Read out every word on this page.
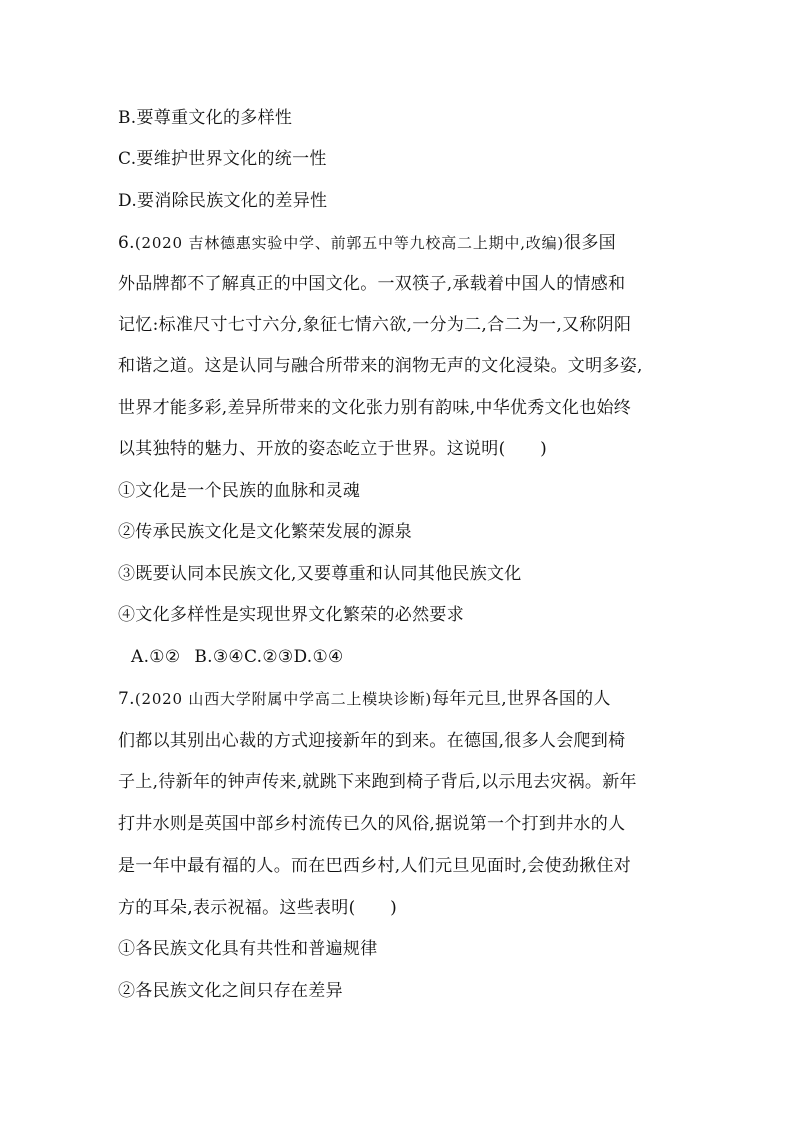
B.要尊重文化的多样性
C.要维护世界文化的统一性
D.要消除民族文化的差异性
6.(2020 吉林德惠实验中学、前郭五中等九校高二上期中,改编)很多国
外品牌都不了解真正的中国文化。一双筷子,承载着中国人的情感和
记忆:标准尺寸七寸六分,象征七情六欲,一分为二,合二为一,又称阴阳
和谐之道。这是认同与融合所带来的润物无声的文化浸染。文明多姿,
世界才能多彩,差异所带来的文化张力别有韵味,中华优秀文化也始终
以其独特的魅力、开放的姿态屹立于世界。这说明(　　)
①文化是一个民族的血脉和灵魂
②传承民族文化是文化繁荣发展的源泉
③既要认同本民族文化,又要尊重和认同其他民族文化
④文化多样性是实现世界文化繁荣的必然要求
A.①② B.③④C.②③D.①④
7.(2020 山西大学附属中学高二上模块诊断)每年元旦,世界各国的人
们都以其别出心裁的方式迎接新年的到来。在德国,很多人会爬到椅
子上,待新年的钟声传来,就跳下来跑到椅子背后,以示甩去灾祸。新年
打井水则是英国中部乡村流传已久的风俗,据说第一个打到井水的人
是一年中最有福的人。而在巴西乡村,人们元旦见面时,会使劲揪住对
方的耳朵,表示祝福。这些表明(　　)
①各民族文化具有共性和普遍规律
②各民族文化之间只存在差异
